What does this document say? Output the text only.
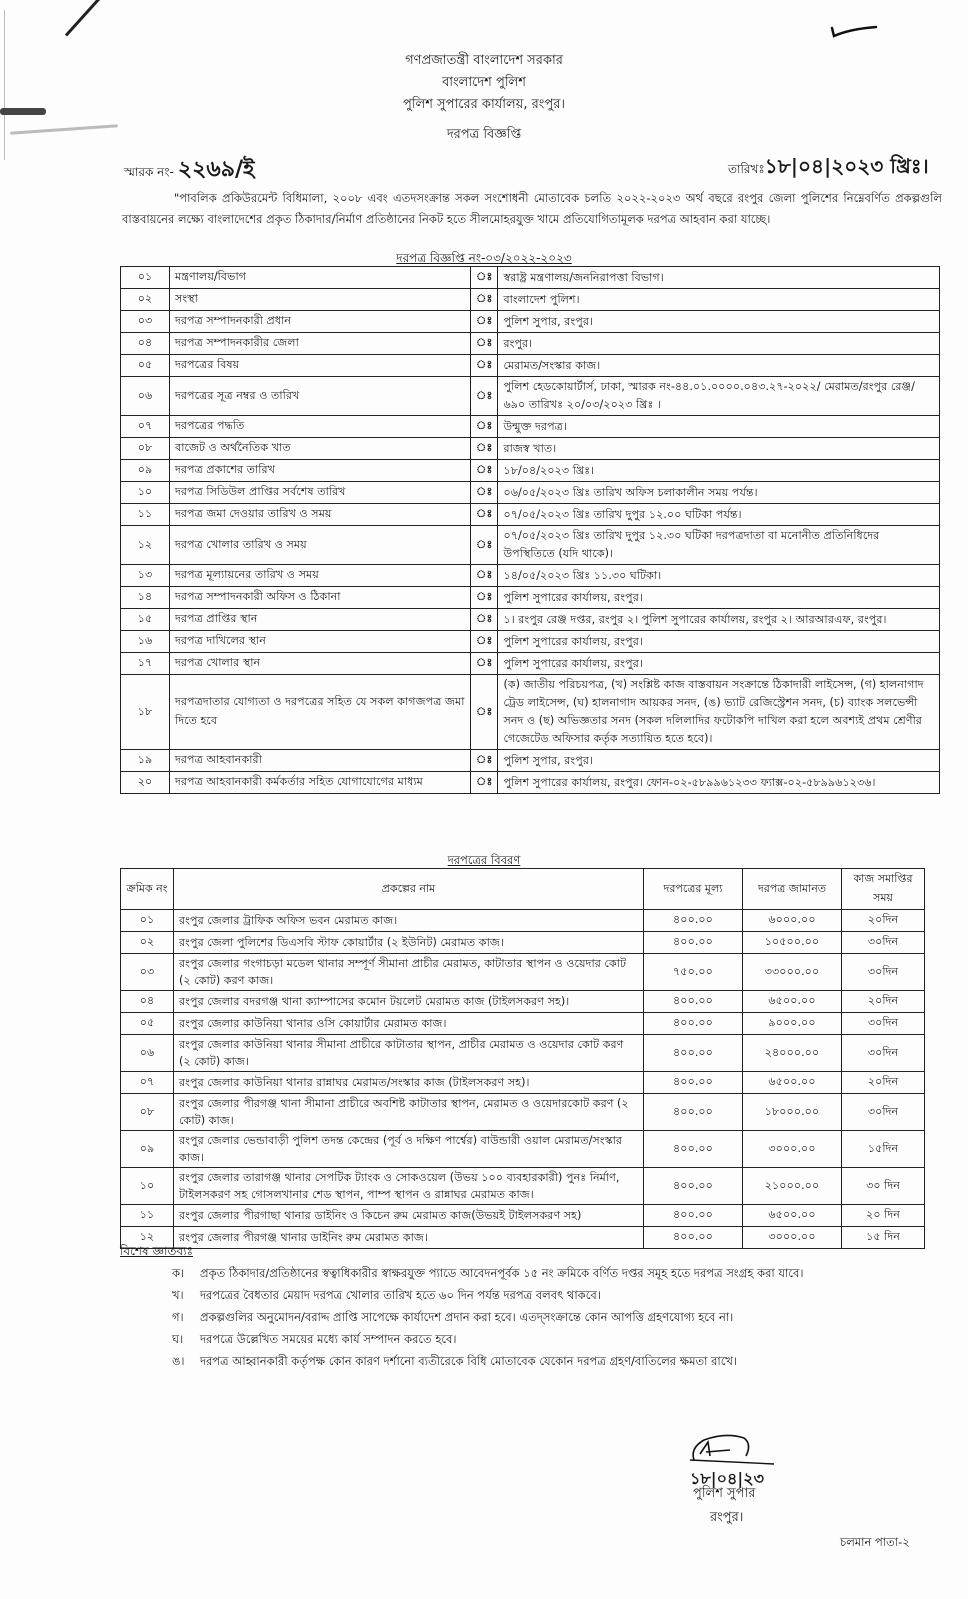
গণপ্রজাতন্ত্রী বাংলাদেশ সরকার
বাংলাদেশ পুলিশ
পুলিশ সুপারের কার্যালয়, রংপুর।
দরপত্র বিজ্ঞপ্তি
স্মারক নং- ২২৬৯/ই	তারিখঃ১৮|০৪|২০২৩ খ্রিঃ।
"পাবলিক প্রকিউরমেন্ট বিধিমালা, ২০০৮ এবং এতদসংক্রান্ত সকল সংশোধনী মোতাবেক চলতি ২০২২-২০২৩ অর্থ বছরে রংপুর জেলা পুলিশের নিম্নেবর্ণিত প্রকল্পগুলি বাস্তবায়নের লক্ষ্যে বাংলাদেশের প্রকৃত ঠিকাদার/নির্মাণ প্রতিষ্ঠানের নিকট হতে সীলমোহরযুক্ত খামে প্রতিযোগিতামূলক দরপত্র আহবান করা যাচ্ছে।
দরপত্র বিজ্ঞপ্তি নং-০৩/২০২২-২০২৩
০১	মন্ত্রণালয়/বিভাগ	ঃ	স্বরাষ্ট্র মন্ত্রণালয়/জননিরাপত্তা বিভাগ।
০২	সংস্থা	ঃ	বাংলাদেশ পুলিশ।
০৩	দরপত্র সম্পাদনকারী প্রধান	ঃ	পুলিশ সুপার, রংপুর।
০৪	দরপত্র সম্পাদনকারীর জেলা	ঃ	রংপুর।
০৫	দরপত্রের বিষয়	ঃ	মেরামত/সংস্কার কাজ।
০৬	দরপত্রের সূত্র নম্বর ও তারিখ	ঃ	পুলিশ হেডকোয়ার্টার্স, ঢাকা, স্মারক নং-৪৪.০১.০০০০.০৪৩.২৭-২০২২/ মেরামত/রংপুর রেঞ্জ/৬৯০ তারিখঃ ২০/০৩/২০২৩ খ্রিঃ ।
০৭	দরপত্রের পদ্ধতি	ঃ	উন্মুক্ত দরপত্র।
০৮	বাজেট ও অর্থনৈতিক খাত	ঃ	রাজস্ব খাত।
০৯	দরপত্র প্রকাশের তারিখ	ঃ	১৮/০৪/২০২৩ খ্রিঃ।
১০	দরপত্র সিডিউল প্রাপ্তির সর্বশেষ তারিখ	ঃ	০৬/০৫/২০২৩ খ্রিঃ তারিখ অফিস চলাকালীন সময় পর্যন্ত।
১১	দরপত্র জমা দেওয়ার তারিখ ও সময়	ঃ	০৭/০৫/২০২৩ খ্রিঃ তারিখ দুপুর ১২.০০ ঘটিকা পর্যন্ত।
১২	দরপত্র খোলার তারিখ ও সময়	ঃ	০৭/০৫/২০২৩ খ্রিঃ তারিখ দুপুর ১২.৩০ ঘটিকা দরপত্রদাতা বা মনোনীত প্রতিনিধিদের উপস্থিতিতে (যদি থাকে)।
১৩	দরপত্র মূল্যায়নের তারিখ ও সময়	ঃ	১৪/০৫/২০২৩ খ্রিঃ ১১.৩০ ঘটিকা।
১৪	দরপত্র সম্পাদনকারী অফিস ও ঠিকানা	ঃ	পুলিশ সুপারের কার্যালয়, রংপুর।
১৫	দরপত্র প্রাপ্তির স্থান	ঃ	১। রংপুর রেঞ্জ দপ্তর, রংপুর ২। পুলিশ সুপারের কার্যালয়, রংপুর ২। আরআরএফ, রংপুর।
১৬	দরপত্র দাখিলের স্থান	ঃ	পুলিশ সুপারের কার্যালয়, রংপুর।
১৭	দরপত্র খোলার স্থান	ঃ	পুলিশ সুপারের কার্যালয়, রংপুর।
১৮	দরপত্রদাতার যোগ্যতা ও দরপত্রের সহিত যে সকল কাগজপত্র জমা দিতে হবে	ঃ	(ক) জাতীয় পরিচয়পত্র, (খ) সংশ্লিষ্ট কাজ বাস্তবায়ন সংক্রান্তে ঠিকাদারী লাইসেন্স, (গ) হালনাগাদ ট্রেড লাইসেন্স, (ঘ) হালনাগাদ আয়কর সনদ, (ঙ) ভ্যাট রেজিস্ট্রেশন সনদ, (চ) ব্যাংক সলভেন্সী সনদ ও (ছ) অভিজ্ঞতার সনদ (সকল দলিলাদির ফটোকপি দাখিল করা হলে অবশ্যই প্রথম শ্রেণীর গেজেটেড অফিসার কর্তৃক সত্যায়িত হতে হবে)।
১৯	দরপত্র আহবানকারী	ঃ	পুলিশ সুপার, রংপুর।
২০	দরপত্র আহবানকারী কর্মকর্তার সহিত যোগাযোগের মাধ্যম	ঃ	পুলিশ সুপারের কার্যালয়, রংপুর। ফোন-০২-৫৮৯৯৬১২৩৩ ফ্যাক্স-০২-৫৮৯৯৬১২৩৬।
দরপত্রের বিবরণ
ক্রমিক নং	প্রকল্পের নাম	দরপত্রের মূল্য	দরপত্র জামানত	কাজ সমাপ্তির সময়
০১	রংপুর জেলার ট্রাফিক অফিস ভবন মেরামত কাজ।	৪০০.০০	৬০০০.০০	২০দিন
০২	রংপুর জেলা পুলিশের ডিএসবি স্টাফ কোয়ার্টার (২ ইউনিট) মেরামত কাজ।	৪০০.০০	১০৫০০.০০	৩০দিন
০৩	রংপুর জেলার গংগাচড়া মডেল থানার সম্পূর্ণ সীমানা প্রাচীর মেরামত, কাটাতার স্থাপন ও ওয়েদার কোট (২ কোট) করণ কাজ।	৭৫০.০০	৩৩০০০.০০	৩০দিন
০৪	রংপুর জেলার বদরগঞ্জ থানা ক্যাম্পাসের কমোন টয়লেট মেরামত কাজ (টাইলসকরণ সহ)।	৪০০.০০	৬৫০০.০০	২০দিন
০৫	রংপুর জেলার কাউনিয়া থানার ওসি কোয়ার্টার মেরামত কাজ।	৪০০.০০	৯০০০.০০	৩০দিন
০৬	রংপুর জেলার কাউনিয়া থানার সীমানা প্রাচীরে কাটাতার স্থাপন, প্রাচীর মেরামত ও ওয়েদার কোট করণ (২ কোট) কাজ।	৪০০.০০	২৪০০০.০০	৩০দিন
০৭	রংপুর জেলার কাউনিয়া থানার রান্নাঘর মেরামত/সংস্কার কাজ (টাইলসকরণ সহ)।	৪০০.০০	৬৫০০.০০	২০দিন
০৮	রংপুর জেলার পীরগঞ্জ থানা সীমানা প্রাচীরে অবশিষ্ট কাটাতার স্থাপন, মেরামত ও ওয়েদারকোট করণ (২ কোট) কাজ।	৪০০.০০	১৮০০০.০০	৩০দিন
০৯	রংপুর জেলার ভেন্ডাবাড়ী পুলিশ তদন্ত কেন্দ্রের (পূর্ব ও দক্ষিণ পার্শ্বের) বাউন্ডারী ওয়াল মেরামত/সংস্কার কাজ।	৪০০.০০	৩০০০.০০	১৫দিন
১০	রংপুর জেলার তারাগঞ্জ থানার সেপটিক ট্যাংক ও সোকওয়েল (উভয় ১০০ ব্যবহারকারী) পুনঃ নির্মাণ, টাইলসকরণ সহ গোসলখানার শেড স্থাপন, পাম্প স্থাপন ও রান্নাঘর মেরামত কাজ।	৪০০.০০	২১০০০.০০	৩০ দিন
১১	রংপুর জেলার পীরগাছা থানার ডাইনিং ও কিচেন রুম মেরামত কাজ(উভয়ই টাইলসকরণ সহ)	৪০০.০০	৬৫০০.০০	২০ দিন
১২	রংপুর জেলার পীরগঞ্জ থানার ডাইনিং রুম মেরামত কাজ।	৪০০.০০	৩০০০.০০	১৫ দিন
বিশেষ জ্ঞাতব্যঃ
ক।	প্রকৃত ঠিকাদার/প্রতিষ্ঠানের স্বত্বাধিকারীর স্বাক্ষরযুক্ত প্যাডে আবেদনপূর্বক ১৫ নং ক্রমিকে বর্ণিত দপ্তর সমূহ হতে দরপত্র সংগ্রহ করা যাবে।
খ।	দরপত্রের বৈধতার মেয়াদ দরপত্র খোলার তারিখ হতে ৬০ দিন পর্যন্ত দরপত্র বলবৎ থাকবে।
গ।	প্রকল্পগুলির অনুমোদন/বরাদ্দ প্রাপ্তি সাপেক্ষে কার্যাদেশ প্রদান করা হবে। এতদ্‌সংক্রান্তে কোন আপত্তি গ্রহণযোগ্য হবে না।
ঘ।	দরপত্রে উল্লেখিত সময়ের মধ্যে কার্য সম্পাদন করতে হবে।
ঙ।	দরপত্র আহ্বানকারী কর্তৃপক্ষ কোন কারণ দর্শানো ব্যতীরেকে বিধি মোতাবেক যেকোন দরপত্র গ্রহণ/বাতিলের ক্ষমতা রাখে।
১৮|০৪|২৩
পুলিশ সুপার
রংপুর।
চলমান পাতা-২
